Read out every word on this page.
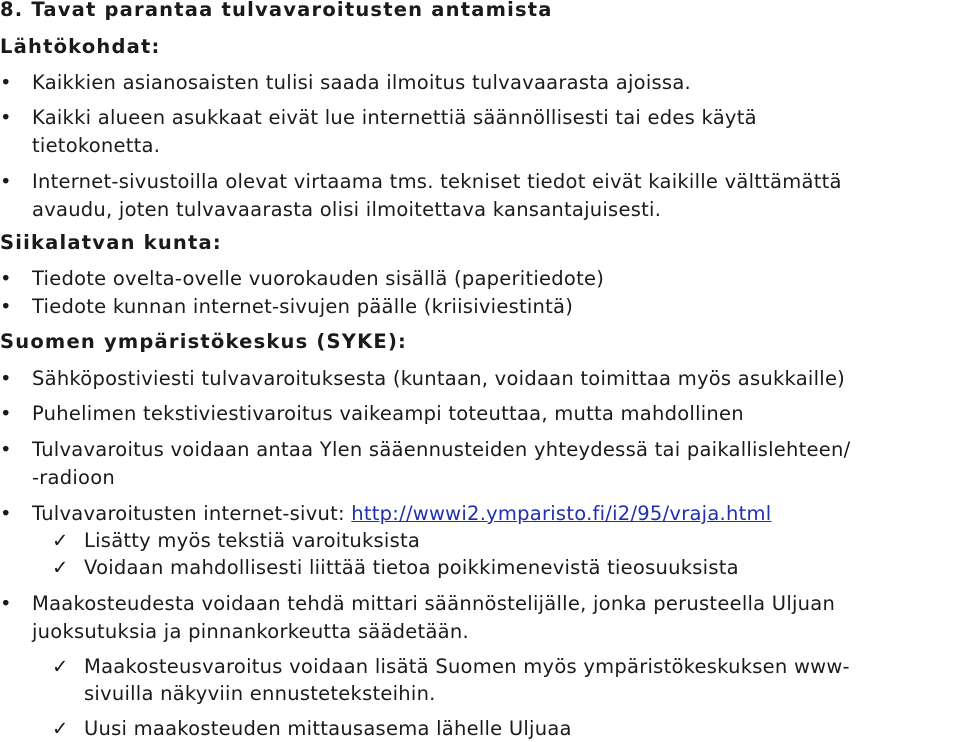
8. Tavat parantaa tulvavaroitusten antamista
Lähtökohdat:
• Kaikkien asianosaisten tulisi saada ilmoitus tulvavaarasta ajoissa.
• Kaikki alueen asukkaat eivät lue internettiä säännöllisesti tai edes käytä
tietokonetta.
• Internet-sivustoilla olevat virtaama tms. tekniset tiedot eivät kaikille välttämättä
avaudu, joten tulvavaarasta olisi ilmoitettava kansantajuisesti.
Siikalatvan kunta:
• Tiedote ovelta-ovelle vuorokauden sisällä (paperitiedote)
• Tiedote kunnan internet-sivujen päälle (kriisiviestintä)
Suomen ympäristökeskus (SYKE):
• Sähköpostiviesti tulvavaroituksesta (kuntaan, voidaan toimittaa myös asukkaille)
• Puhelimen tekstiviestivaroitus vaikeampi toteuttaa, mutta mahdollinen
• Tulvavaroitus voidaan antaa Ylen sääennusteiden yhteydessä tai paikallislehteen/
-radioon
• Tulvavaroitusten internet-sivut: http://wwwi2.ymparisto.fi/i2/95/vraja.html
✓ Lisätty myös tekstiä varoituksista
✓ Voidaan mahdollisesti liittää tietoa poikkimenevistä tieosuuksista
• Maakosteudesta voidaan tehdä mittari säännöstelijälle, jonka perusteella Uljuan
juoksutuksia ja pinnankorkeutta säädetään.
✓ Maakosteusvaroitus voidaan lisätä Suomen myös ympäristökeskuksen www-
sivuilla näkyviin ennusteteksteihin.
✓ Uusi maakosteuden mittausasema lähelle Uljuaa
